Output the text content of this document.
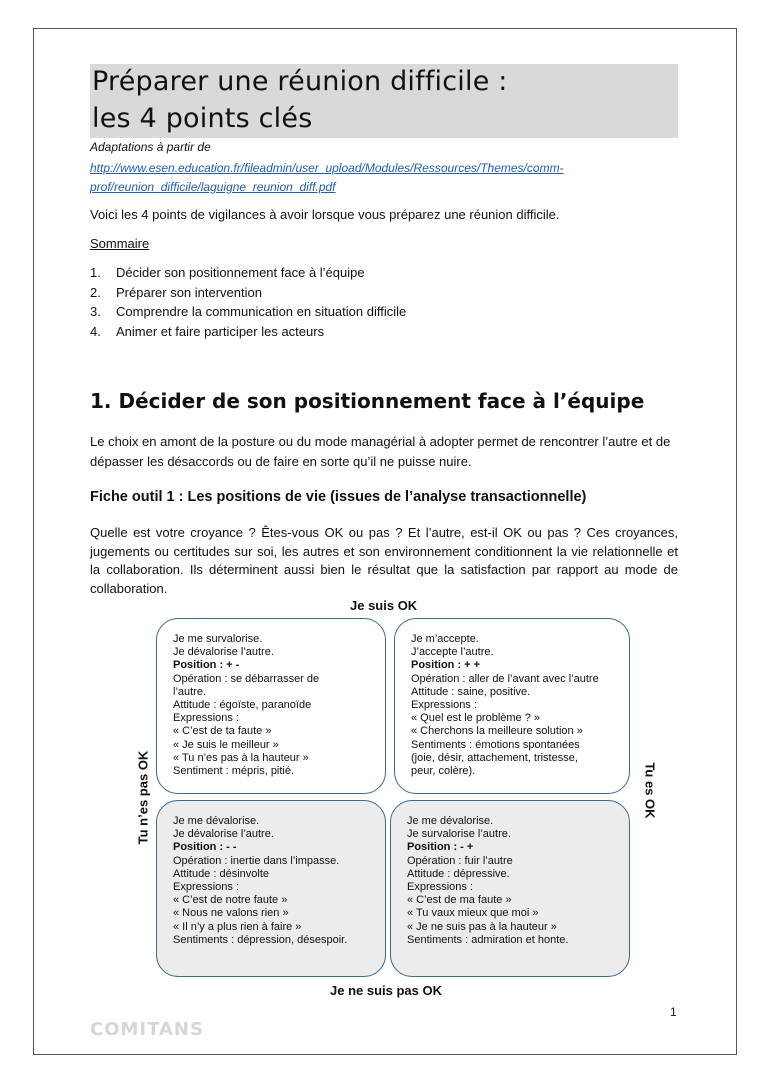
Préparer une réunion difficile :
les 4 points clés
Adaptations à partir de
http://www.esen.education.fr/fileadmin/user_upload/Modules/Ressources/Themes/comm-prof/reunion_difficile/laguigne_reunion_diff.pdf
Voici les 4 points de vigilances à avoir lorsque vous préparez une réunion difficile.
Sommaire
1.	Décider son positionnement face à l’équipe
2.	Préparer son intervention
3.	Comprendre la communication en situation difficile
4.	Animer et faire participer les acteurs
1. Décider de son positionnement face à l’équipe

Le choix en amont de la posture ou du mode managérial à adopter permet de rencontrer l’autre et de dépasser les désaccords ou de faire en sorte qu’il ne puisse nuire.

Fiche outil 1 : Les positions de vie (issues de l’analyse transactionnelle)

Quelle est votre croyance ? Êtes-vous OK ou pas ? Et l’autre, est-il OK ou pas ? Ces croyances, jugements ou certitudes sur soi, les autres et son environnement conditionnent la vie relationnelle et la collaboration. Ils déterminent aussi bien le résultat que la satisfaction par rapport au mode de collaboration.

Je suis OK
Je ne suis pas OK
Tu n’es pas OK	Tu es OK
Je me survalorise.
Je dévalorise l’autre.
Position : + -
Opération : se débarrasser de
l’autre.
Attitude : égoïste, paranoïde
Expressions :
« C’est de ta faute »
« Je suis le meilleur »
« Tu n’es pas à la hauteur »
Sentiment : mépris, pitié.
Je m’accepte.
J’accepte l’autre.
Position : + +
Opération : aller de l’avant avec l’autre
Attitude : saine, positive.
Expressions :
« Quel est le problème ? »
« Cherchons la meilleure solution »
Sentiments : émotions spontanées
(joie, désir, attachement, tristesse,
peur, colère).
Je me dévalorise.
Je dévalorise l’autre.
Position : - -
Opération : inertie dans l’impasse.
Attitude : désinvolte
Expressions :
« C’est de notre faute »
« Nous ne valons rien »
« Il n’y a plus rien à faire »
Sentiments : dépression, désespoir.
Je me dévalorise.
Je survalorise l’autre.
Position : - +
Opération : fuir l’autre
Attitude : dépressive.
Expressions :
« C’est de ma faute »
« Tu vaux mieux que moi »
« Je ne suis pas à la hauteur »
Sentiments : admiration et honte.
1
COMITANS
